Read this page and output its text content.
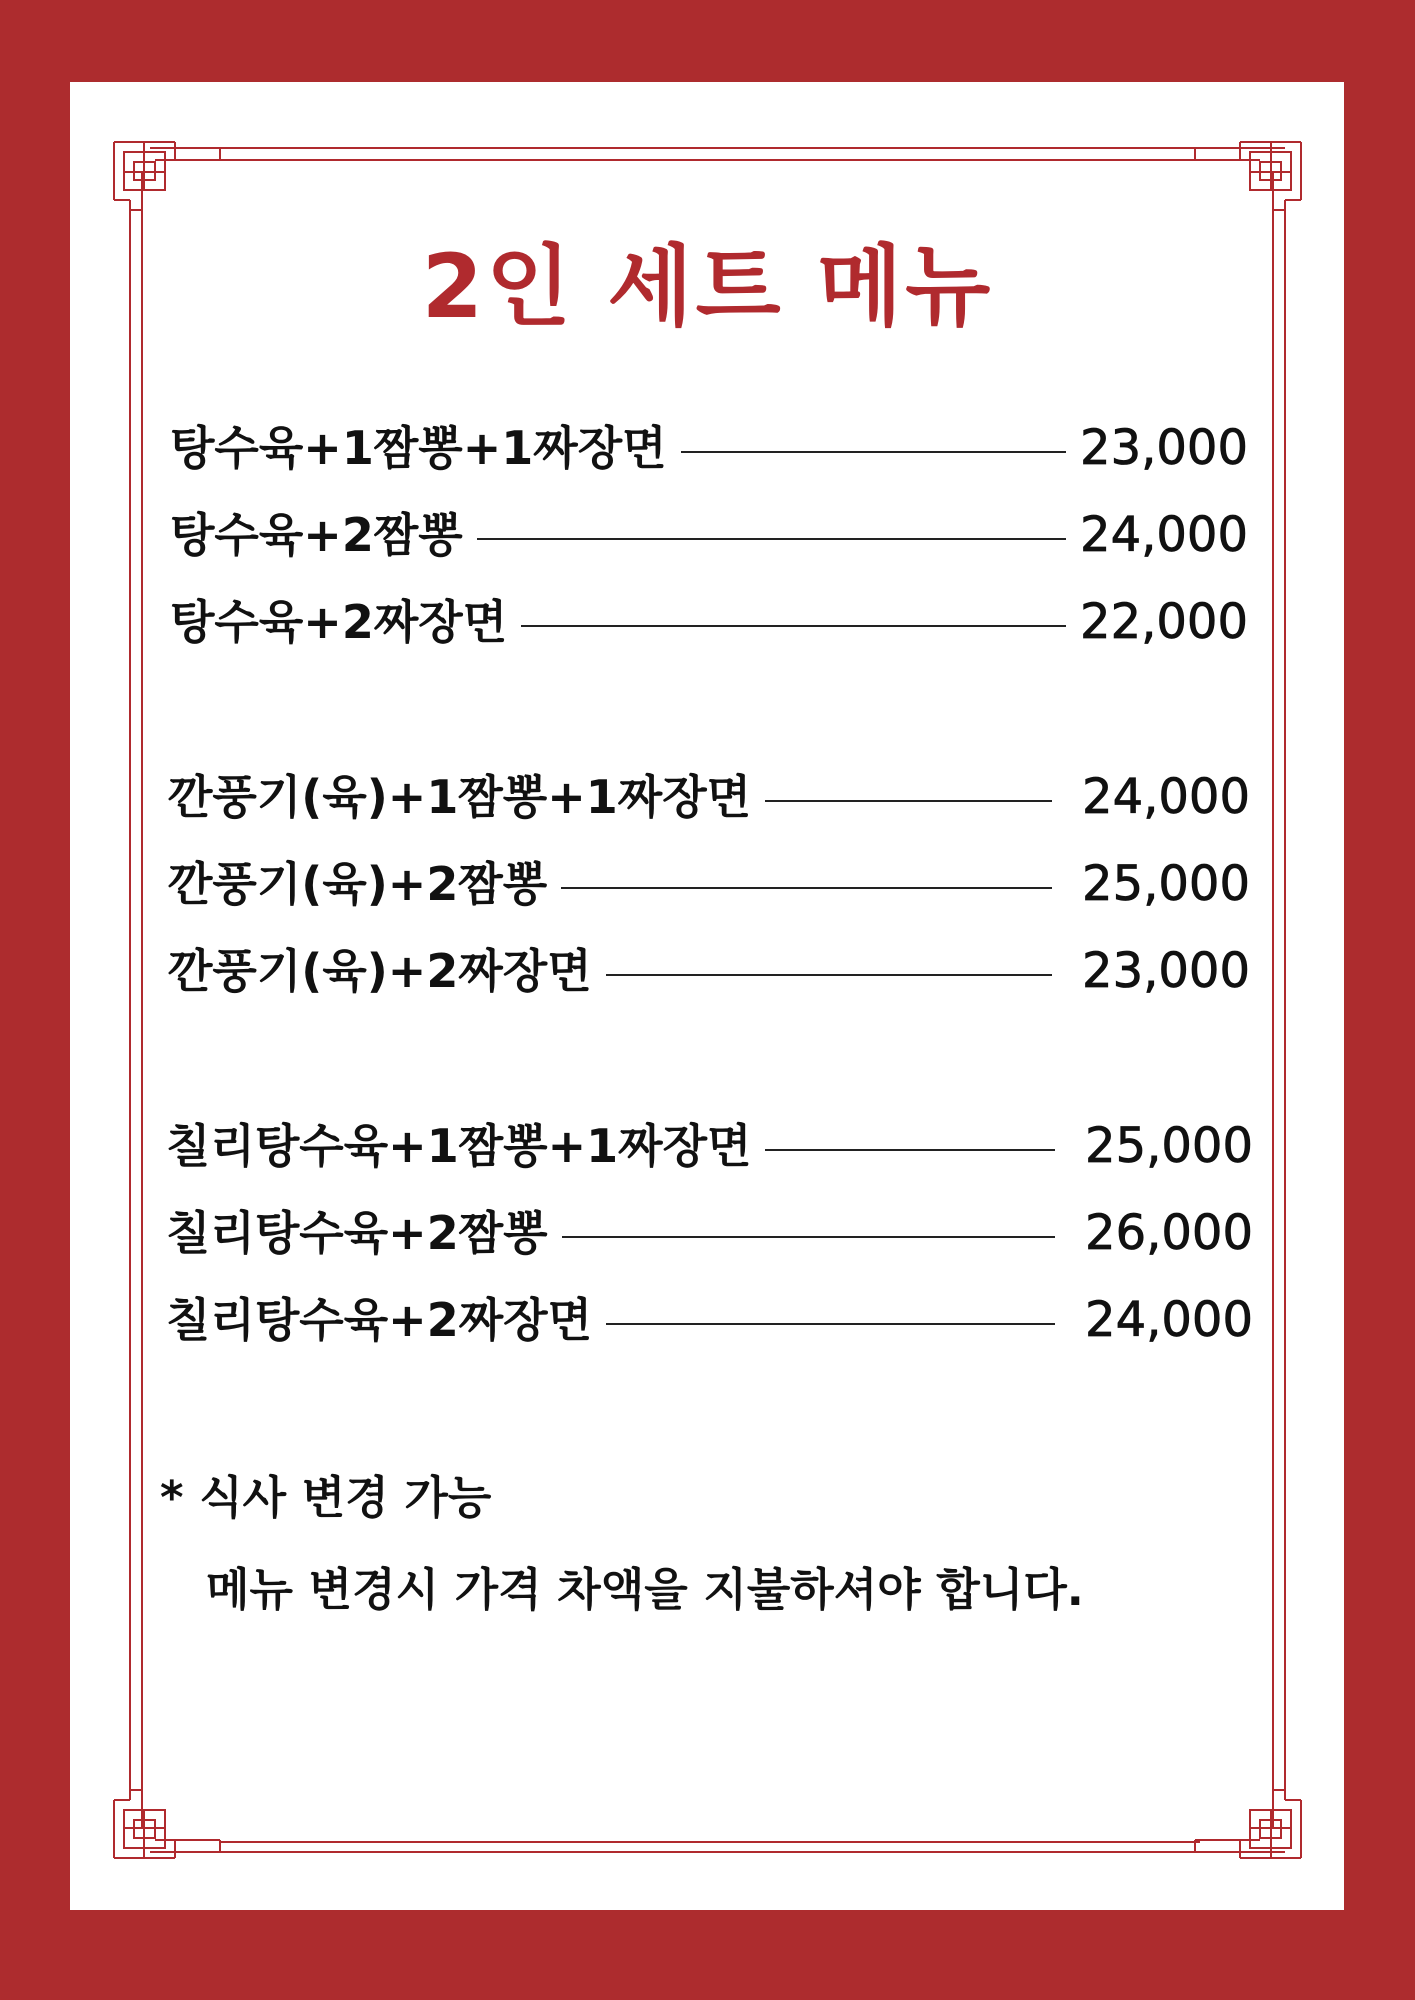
2인 세트 메뉴
탕수육+1짬뽕+1짜장면	23,000
탕수육+2짬뽕	24,000
탕수육+2짜장면	22,000
깐풍기(육)+1짬뽕+1짜장면	24,000
깐풍기(육)+2짬뽕	25,000
깐풍기(육)+2짜장면	23,000
칠리탕수육+1짬뽕+1짜장면	25,000
칠리탕수육+2짬뽕	26,000
칠리탕수육+2짜장면	24,000
* 식사 변경 가능
메뉴 변경시 가격 차액을 지불하셔야 합니다.
